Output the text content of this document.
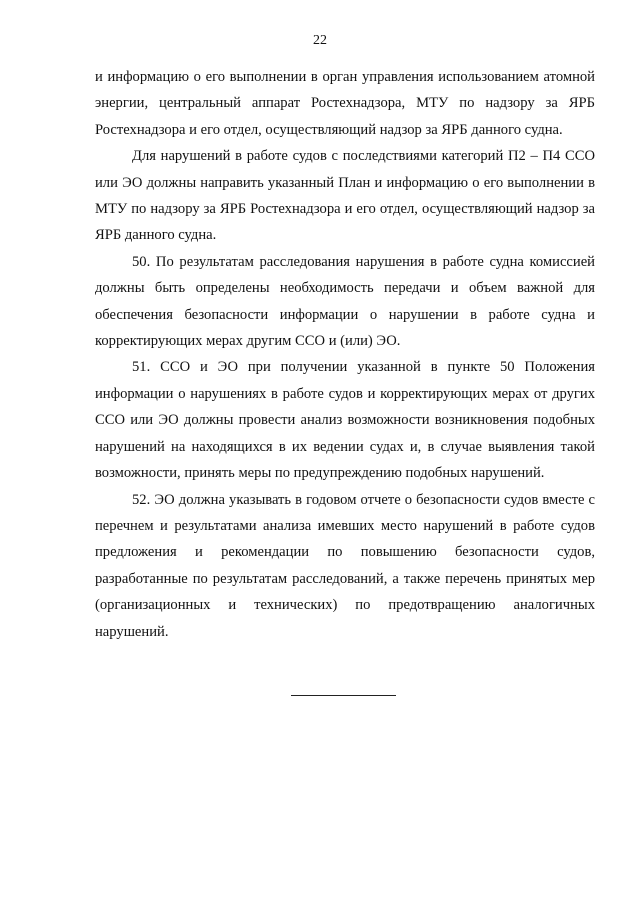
22

и информацию о его выполнении в орган управления использованием атомной энергии, центральный аппарат Ростехнадзора, МТУ по надзору за ЯРБ Ростехнадзора и его отдел, осуществляющий надзор за ЯРБ данного судна.

Для нарушений в работе судов с последствиями категорий П2 – П4 ССО или ЭО должны направить указанный План и информацию о его выполнении в МТУ по надзору за ЯРБ Ростехнадзора и его отдел, осуществляющий надзор за ЯРБ данного судна.

50. По результатам расследования нарушения в работе судна комиссией должны быть определены необходимость передачи и объем важной для обеспечения безопасности информации о нарушении в работе судна и корректирующих мерах другим ССО и (или) ЭО.

51. ССО и ЭО при получении указанной в пункте 50 Положения информации о нарушениях в работе судов и корректирующих мерах от других ССО или ЭО должны провести анализ возможности возникновения подобных нарушений на находящихся в их ведении судах и, в случае выявления такой возможности, принять меры по предупреждению подобных нарушений.

52. ЭО должна указывать в годовом отчете о безопасности судов вместе с перечнем и результатами анализа имевших место нарушений в работе судов предложения и рекомендации по повышению безопасности судов, разработанные по результатам расследований, а также перечень принятых мер (организационных и технических) по предотвращению аналогичных нарушений.
